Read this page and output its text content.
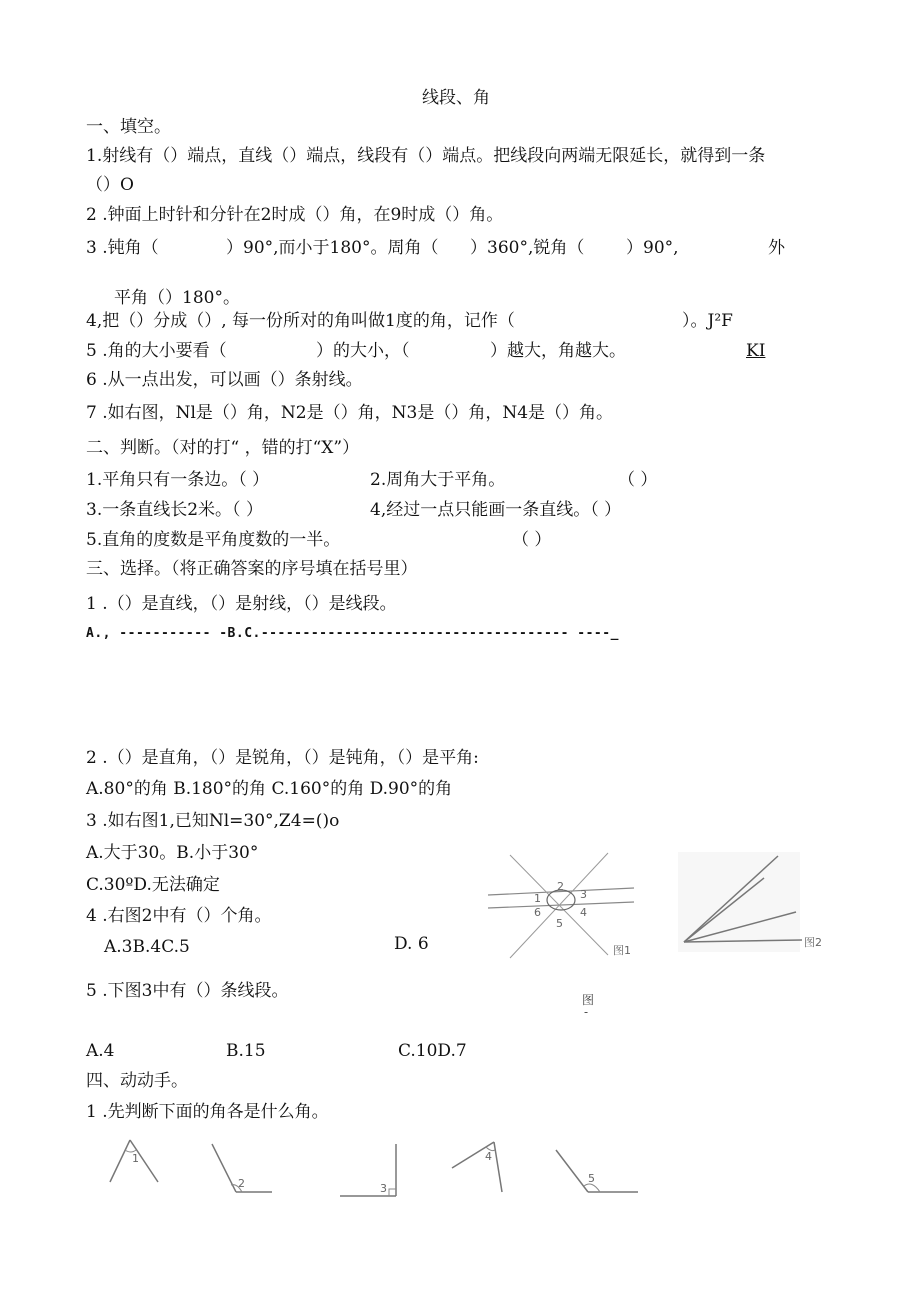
线段、角
一、填空。
1.射线有（）端点，直线（）端点，线段有（）端点。把线段向两端无限延长，就得到一条
（）O
2 .钟面上时针和分针在2时成（）角，在9时成（）角。
3 .钝角（	）90°,而小于180°。周角（ ）360°,锐角（ ）90°,	外
平角（）180°。
4,把（）分成（）, 每一份所对的角叫做1度的角，记作（	）。J²F
5 .角的大小要看（	）的大小，（	）越大，角越大。	KI
6 .从一点出发，可以画（）条射线。
7 .如右图，Nl是（）角，N2是（）角，N3是（）角，N4是（）角。
二、判断。（对的打“ ，错的打“X”）
1.平角只有一条边。（ ）	2.周角大于平角。	（ ）
3.一条直线长2米。（ ）	4,经过一点只能画一条直线。（ ）
5.直角的度数是平角度数的一半。	（ ）
三、选择。（将正确答案的序号填在括号里）
1 .（）是直线，（）是射线，（）是线段。
A., ----------- -B.C.------------------------------------- ----_
2 .（）是直角，（）是锐角，（）是钝角，（）是平角:
A.80°的角 B.180°的角 C.160°的角 D.90°的角
3 .如右图1,已知Nl=30°,Z4=()o
A.大于30。B.小于30°
C.30ºD.无法确定
4 .右图2中有（）个角。
A.3B.4C.5	D. 6
5 .下图3中有（）条线段。
A.4	B.15	C.10D.7
四、动动手。
1 .先判断下面的角各是什么角。
1
2
3
4
5
6
图1
图2
图
-
1
2	3
4
5
